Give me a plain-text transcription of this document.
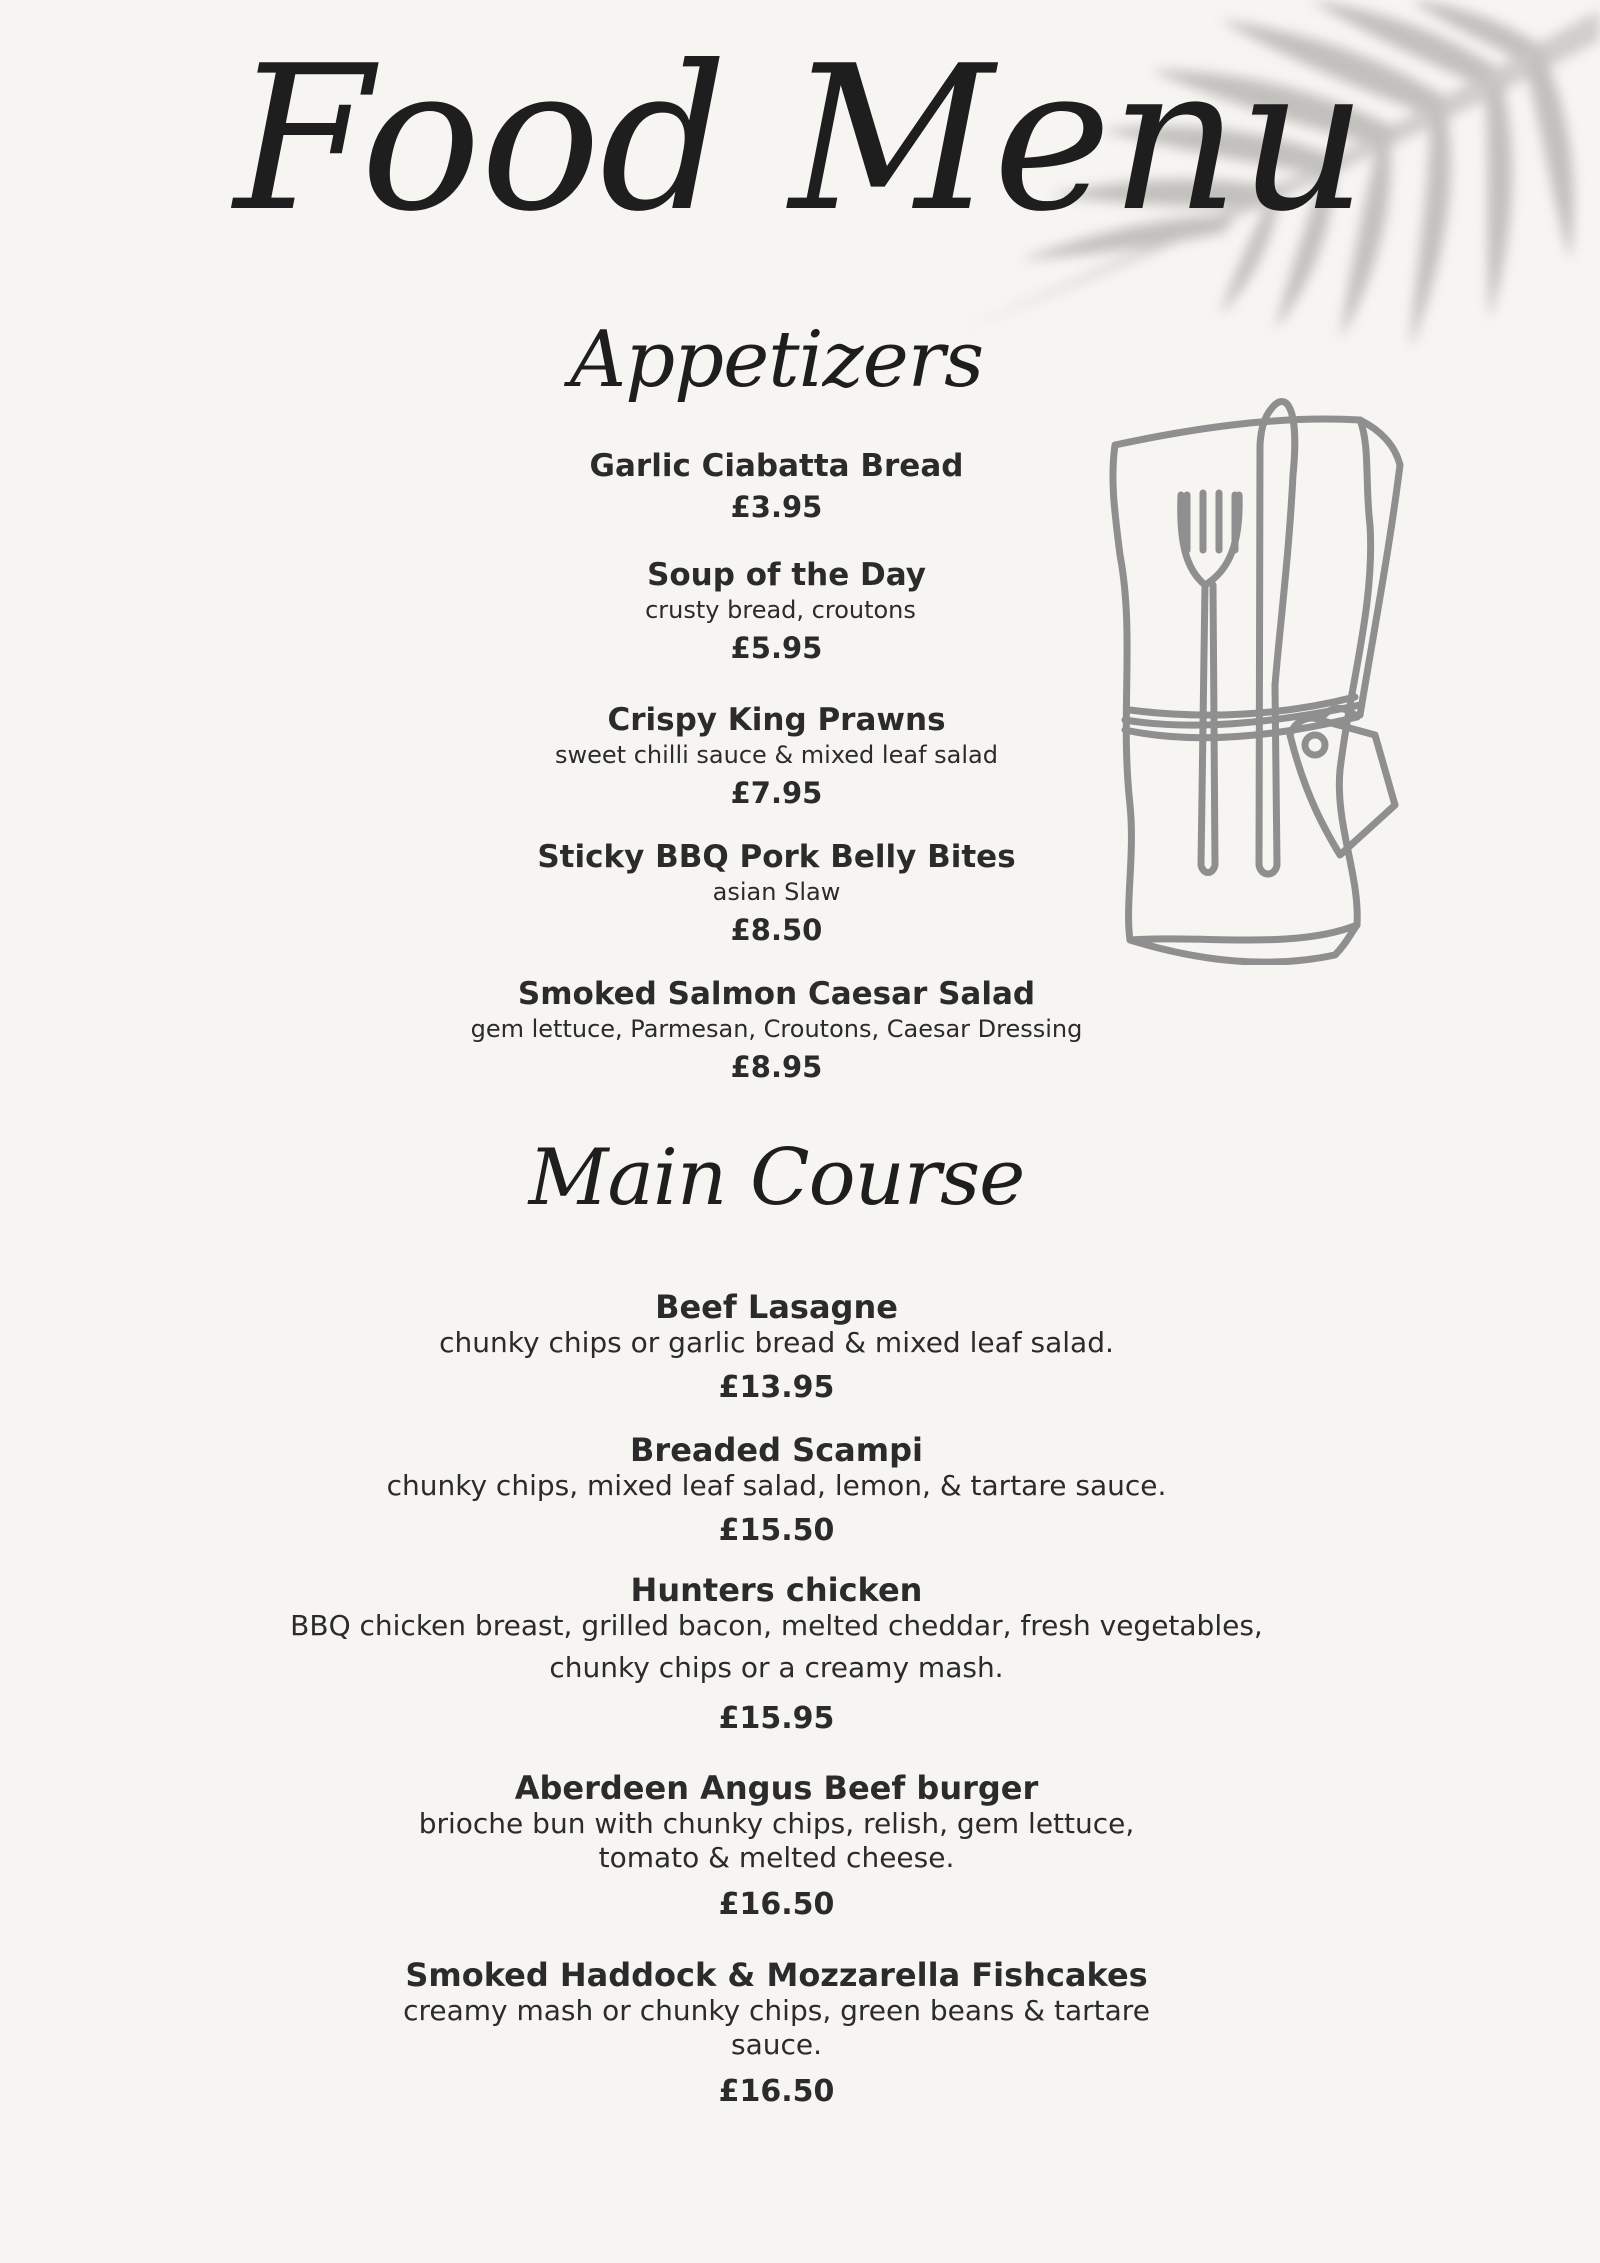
Food Menu
Appetizers
Garlic Ciabatta Bread
£3.95
Soup of the Day
crusty bread, croutons
£5.95
Crispy King Prawns
sweet chilli sauce & mixed leaf salad
£7.95
Sticky BBQ Pork Belly Bites
asian Slaw
£8.50
Smoked Salmon Caesar Salad
gem lettuce, Parmesan, Croutons, Caesar Dressing
£8.95
Main Course
Beef Lasagne
chunky chips or garlic bread & mixed leaf salad.
£13.95
Breaded Scampi
chunky chips, mixed leaf salad, lemon, & tartare sauce.
£15.50
Hunters chicken
BBQ chicken breast, grilled bacon, melted cheddar, fresh vegetables,
chunky chips or a creamy mash.
£15.95
Aberdeen Angus Beef burger
brioche bun with chunky chips, relish, gem lettuce,
tomato & melted cheese.
£16.50
Smoked Haddock & Mozzarella Fishcakes
creamy mash or chunky chips, green beans & tartare
sauce.
£16.50
